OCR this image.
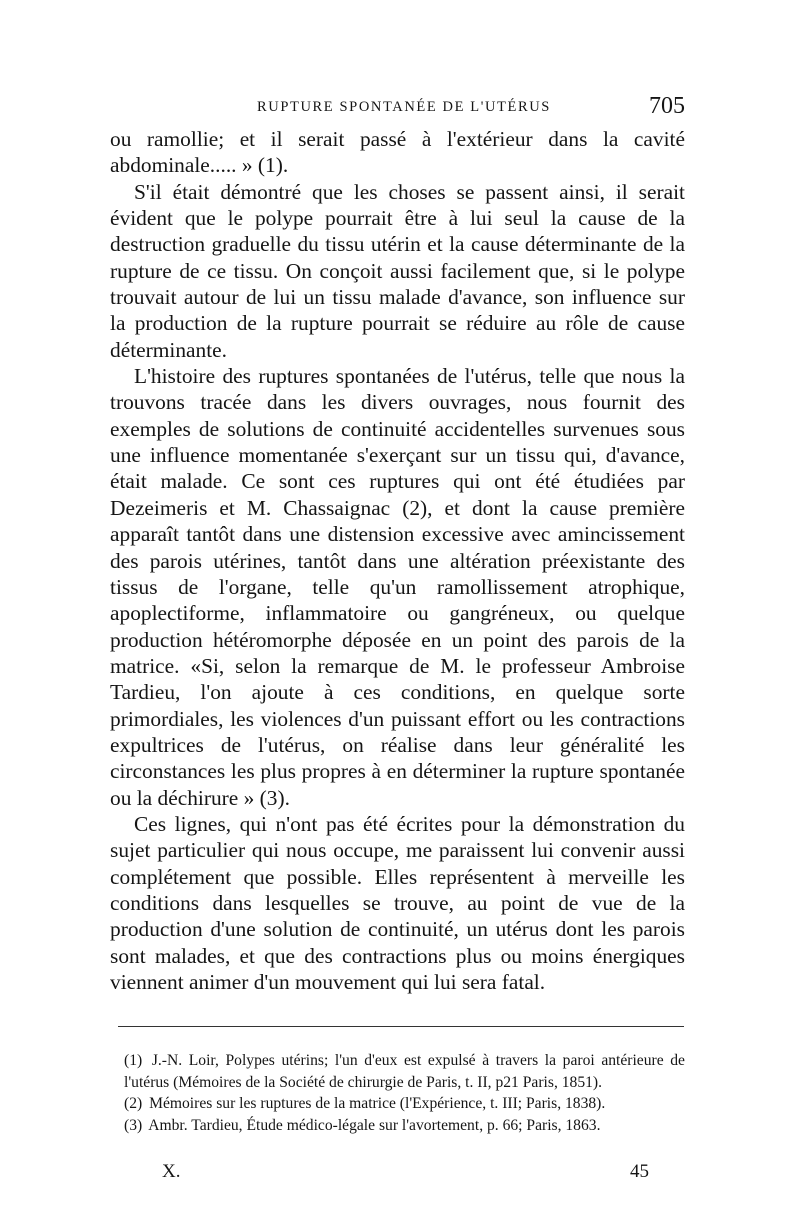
RUPTURE SPONTANÉE DE L'UTÉRUS	705

ou ramollie; et il serait passé à l'extérieur dans la cavité abdominale..... » (1).

S'il était démontré que les choses se passent ainsi, il serait évident que le polype pourrait être à lui seul la cause de la destruction graduelle du tissu utérin et la cause déterminante de la rupture de ce tissu. On conçoit aussi facilement que, si le polype trouvait autour de lui un tissu malade d'avance, son influence sur la production de la rupture pourrait se réduire au rôle de cause déterminante.

L'histoire des ruptures spontanées de l'utérus, telle que nous la trouvons tracée dans les divers ouvrages, nous fournit des exemples de solutions de continuité accidentelles survenues sous une influence momentanée s'exerçant sur un tissu qui, d'avance, était malade. Ce sont ces ruptures qui ont été étudiées par Dezeimeris et M. Chassaignac (2), et dont la cause première apparaît tantôt dans une distension excessive avec amincissement des parois utérines, tantôt dans une altération préexistante des tissus de l'organe, telle qu'un ramollissement atrophique, apoplectiforme, inflammatoire ou gangréneux, ou quelque production hétéromorphe déposée en un point des parois de la matrice. «Si, selon la remarque de M. le professeur Ambroise Tardieu, l'on ajoute à ces conditions, en quelque sorte primordiales, les violences d'un puissant effort ou les contractions expultrices de l'utérus, on réalise dans leur généralité les circonstances les plus propres à en déterminer la rupture spontanée ou la déchirure » (3).

Ces lignes, qui n'ont pas été écrites pour la démonstration du sujet particulier qui nous occupe, me paraissent lui convenir aussi complétement que possible. Elles représentent à merveille les conditions dans lesquelles se trouve, au point de vue de la production d'une solution de continuité, un utérus dont les parois sont malades, et que des contractions plus ou moins énergiques viennent animer d'un mouvement qui lui sera fatal.

(1) J.-N. Loir, Polypes utérins; l'un d'eux est expulsé à travers la paroi antérieure de l'utérus (Mémoires de la Société de chirurgie de Paris, t. II, p21 Paris, 1851).

(2) Mémoires sur les ruptures de la matrice (l'Expérience, t. III; Paris, 1838).

(3) Ambr. Tardieu, Étude médico-légale sur l'avortement, p. 66; Paris, 1863.

X.	45
